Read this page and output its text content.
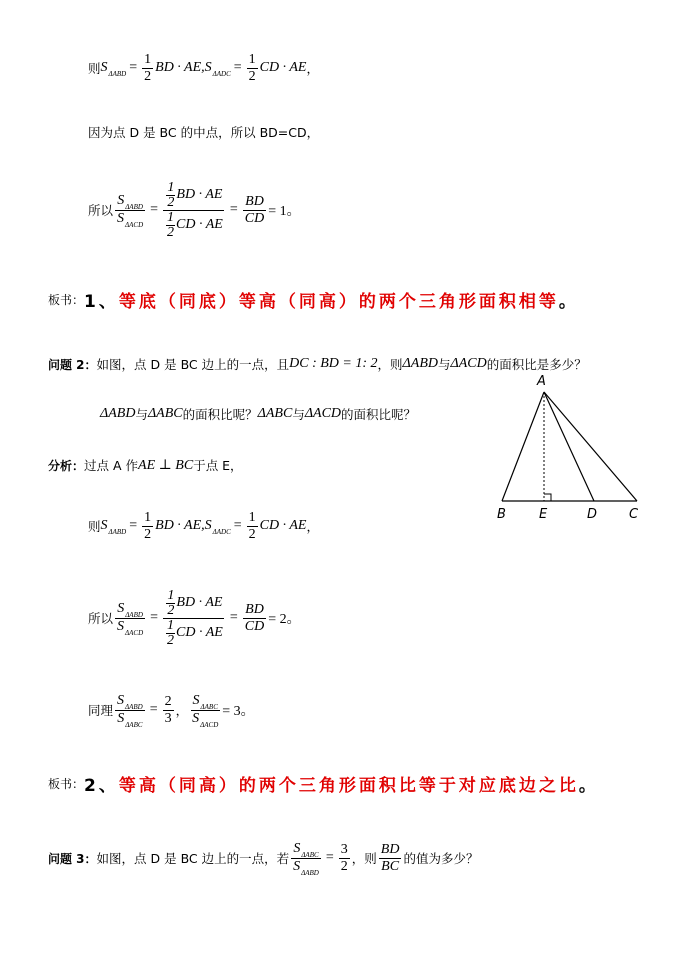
则 $S_{\Delta ABD} = \frac{1}{2}$ BD · AE, $S_{\Delta ADC} = \frac{1}{2}$ CD · AE ，
因为点 D 是 BC 的中点，所以 BD=CD，
所以 $\frac{S_{\Delta ABD}}{S_{\Delta ACD}} = \frac{\frac{1}{2} BD \cdot AE}{\frac{1}{2} CD \cdot AE} = \frac{BD}{CD} = 1$。
板书： 1、 等底（同底）等高（同高）的两个三角形 面积相等 。
问题 2： 如图，点 D 是 BC 边上的一点，且 DC : BD = 1: 2 ，则 ΔABD 与 ΔACD 的面积比是多少？
ΔABD 与 ΔABC 的面积比呢？ ΔABC 与 ΔACD 的面积比呢？
分析： 过点 A 作 AE ⊥ BC 于点 E，
A
B	E	D C
则 $S_{\Delta ABD} = \frac{1}{2}$ BD · AE, $S_{\Delta ADC} = \frac{1}{2}$ CD · AE ，
所以 $\frac{S_{\Delta ABD}}{S_{\Delta ACD}} = \frac{\frac{1}{2} BD \cdot AE}{\frac{1}{2} CD \cdot AE} = \frac{BD}{CD} = 2$。
同理 $\frac{S_{\Delta ABD}}{S_{\Delta ABC}} = \frac{2}{3}$ ， $\frac{S_{\Delta ABC}}{S_{\Delta ACD}} = 3$。
板书： 2、 等高（同高）的两个三角形 面积比 等于 对应底边之比 。
问题 3： 如图，点 D 是 BC 边上的一点，若 $\frac{S_{\Delta ABC}}{S_{\Delta ABD}} = \frac{3}{2}$ ，则 $\frac{BD}{BC}$ 的值为多少？
